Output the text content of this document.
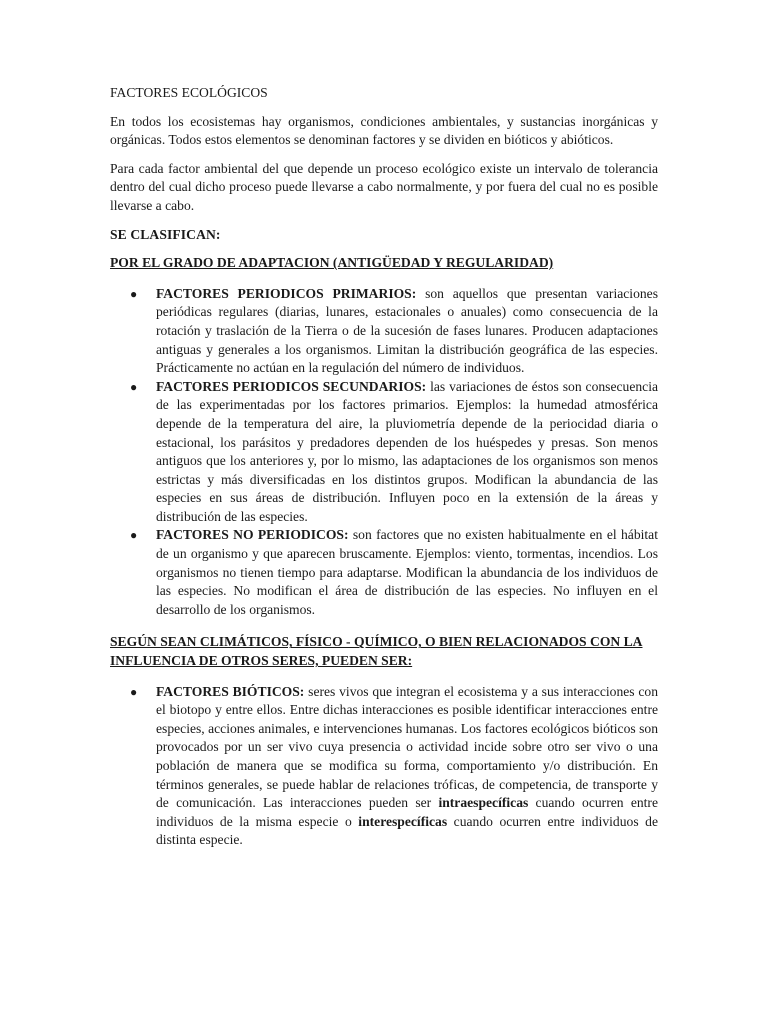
FACTORES ECOLÓGICOS

En todos los ecosistemas hay organismos, condiciones ambientales, y sustancias inorgánicas y orgánicas. Todos estos elementos se denominan factores y se dividen en bióticos y abióticos.

Para cada factor ambiental del que depende un proceso ecológico existe un intervalo de tolerancia dentro del cual dicho proceso puede llevarse a cabo normalmente, y por fuera del cual no es posible llevarse a cabo.

SE CLASIFICAN:

POR EL GRADO DE ADAPTACION (ANTIGÜEDAD Y REGULARIDAD)

● FACTORES PERIODICOS PRIMARIOS: son aquellos que presentan variaciones periódicas regulares (diarias, lunares, estacionales o anuales) como consecuencia de la rotación y traslación de la Tierra o de la sucesión de fases lunares. Producen adaptaciones antiguas y generales a los organismos. Limitan la distribución geográfica de las especies. Prácticamente no actúan en la regulación del número de individuos.
● FACTORES PERIODICOS SECUNDARIOS: las variaciones de éstos son consecuencia de las experimentadas por los factores primarios. Ejemplos: la humedad atmosférica depende de la temperatura del aire, la pluviometría depende de la periocidad diaria o estacional, los parásitos y predadores dependen de los huéspedes y presas. Son menos antiguos que los anteriores y, por lo mismo, las adaptaciones de los organismos son menos estrictas y más diversificadas en los distintos grupos. Modifican la abundancia de las especies en sus áreas de distribución. Influyen poco en la extensión de la áreas y distribución de las especies.
● FACTORES NO PERIODICOS: son factores que no existen habitualmente en el hábitat de un organismo y que aparecen bruscamente. Ejemplos: viento, tormentas, incendios. Los organismos no tienen tiempo para adaptarse. Modifican la abundancia de los individuos de las especies. No modifican el área de distribución de las especies. No influyen en el desarrollo de los organismos.

SEGÚN SEAN CLIMÁTICOS, FÍSICO - QUÍMICO, O BIEN RELACIONADOS CON LA INFLUENCIA DE OTROS SERES, PUEDEN SER:

● FACTORES BIÓTICOS: seres vivos que integran el ecosistema y a sus interacciones con el biotopo y entre ellos. Entre dichas interacciones es posible identificar interacciones entre especies, acciones animales, e intervenciones humanas. Los factores ecológicos bióticos son provocados por un ser vivo cuya presencia o actividad incide sobre otro ser vivo o una población de manera que se modifica su forma, comportamiento y/o distribución. En términos generales, se puede hablar de relaciones tróficas, de competencia, de transporte y de comunicación. Las interacciones pueden ser intraespecíficas cuando ocurren entre individuos de la misma especie o interespecíficas cuando ocurren entre individuos de distinta especie.
